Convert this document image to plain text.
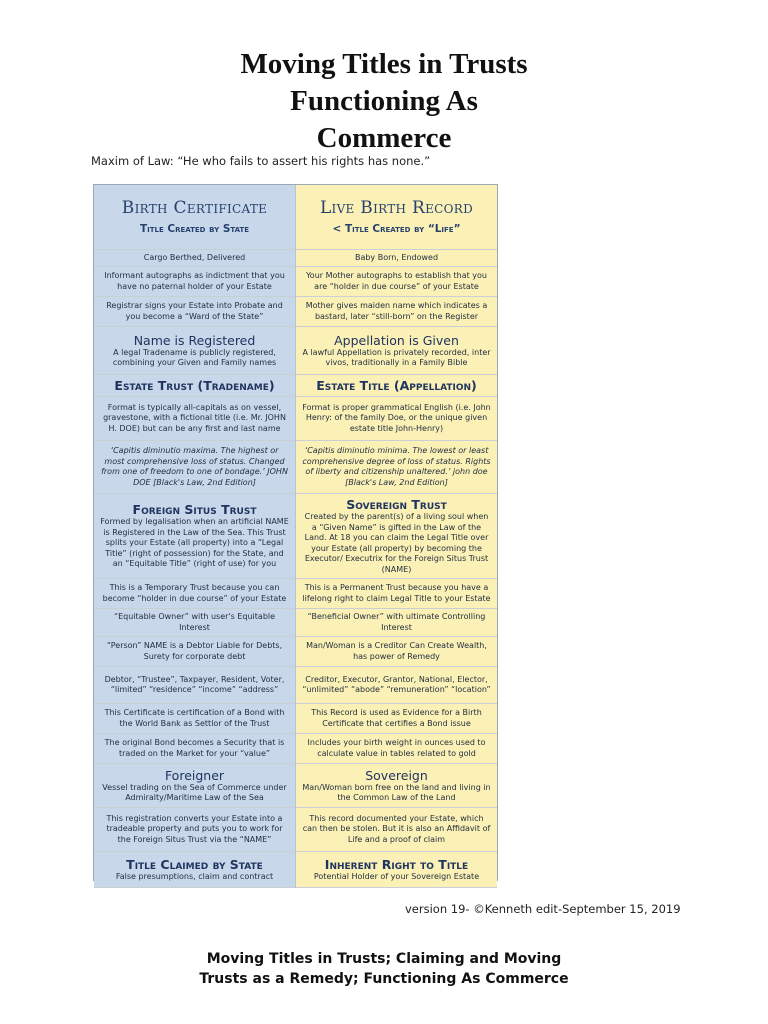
Moving Titles in Trusts
Functioning As
Commerce
Maxim of Law: “He who fails to assert his rights has none.”
Birth Certificate
Title Created by State
Live Birth Record
< Title Created by “Life”
Cargo Berthed, Delivered	Baby Born, Endowed
Informant autographs as indictment that you have no paternal holder of your Estate
Your Mother autographs to establish that you are “holder in due course” of your Estate
Registrar signs your Estate into Probate and you become a “Ward of the State”
Mother gives maiden name which indicates a bastard, later “still-born” on the Register
Name is Registered
A legal Tradename is publicly registered, combining your Given and Family names
Appellation is Given
A lawful Appellation is privately recorded, inter vivos, traditionally in a Family Bible
Estate Trust (Tradename)	Estate Title (Appellation)
Format is typically all-capitals as on vessel, gravestone, with a fictional title (i.e. Mr. JOHN H. DOE) but can be any first and last name
Format is proper grammatical English (i.e. John Henry: of the family Doe, or the unique given estate title John-Henry)
‘Capitis diminutio maxima. The highest or most comprehensive loss of status. Changed from one of freedom to one of bondage.’ JOHN DOE [Black's Law, 2nd Edition]
‘Capitis diminutio minima. The lowest or least comprehensive degree of loss of status. Rights of liberty and citizenship unaltered.’ john doe [Black's Law, 2nd Edition]
Foreign Situs Trust
Formed by legalisation when an artificial NAME is Registered in the Law of the Sea. This Trust splits your Estate (all property) into a “Legal Title” (right of possession) for the State, and an “Equitable Title” (right of use) for you
Sovereign Trust
Created by the parent(s) of a living soul when a “Given Name” is gifted in the Law of the Land. At 18 you can claim the Legal Title over your Estate (all property) by becoming the Executor/ Executrix for the Foreign Situs Trust (NAME)
This is a Temporary Trust because you can become “holder in due course” of your Estate
This is a Permanent Trust because you have a lifelong right to claim Legal Title to your Estate
“Equitable Owner” with user's Equitable Interest
“Beneficial Owner” with ultimate Controlling Interest
“Person” NAME is a Debtor Liable for Debts, Surety for corporate debt
Man/Woman is a Creditor Can Create Wealth, has power of Remedy
Debtor, “Trustee”, Taxpayer, Resident, Voter, “limited” “residence” “income” “address”
Creditor, Executor, Grantor, National, Elector, “unlimited” “abode” “remuneration” “location”
This Certificate is certification of a Bond with the World Bank as Settlor of the Trust
This Record is used as Evidence for a Birth Certificate that certifies a Bond issue
The original Bond becomes a Security that is traded on the Market for your “value”
Includes your birth weight in ounces used to calculate value in tables related to gold
Foreigner
Vessel trading on the Sea of Commerce under Admiralty/Maritime Law of the Sea
Sovereign
Man/Woman born free on the land and living in the Common Law of the Land
This registration converts your Estate into a tradeable property and puts you to work for the Foreign Situs Trust via the “NAME”
This record documented your Estate, which can then be stolen. But it is also an Affidavit of Life and a proof of claim
Title Claimed by State
False presumptions, claim and contract
Inherent Right to Title
Potential Holder of your Sovereign Estate
version 19- ©Kenneth edit-September 15, 2019
Moving Titles in Trusts; Claiming and Moving
Trusts as a Remedy; Functioning As Commerce
